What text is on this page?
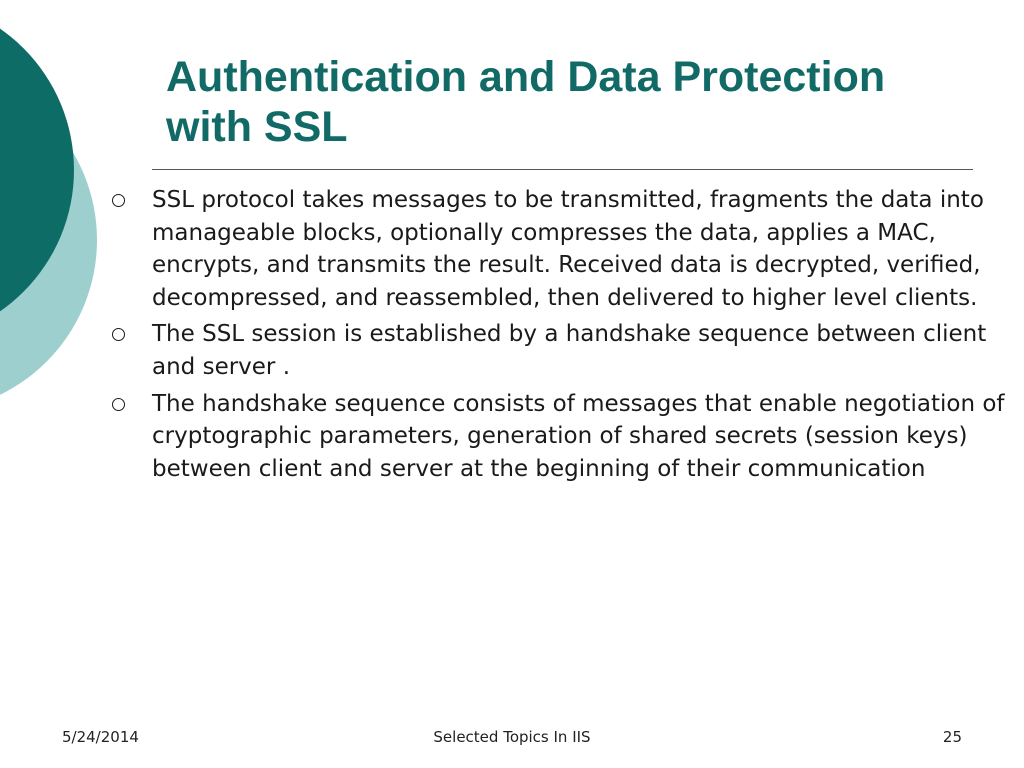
Authentication and Data Protection
with SSL
SSL protocol takes messages to be transmitted, fragments the data into manageable blocks, optionally compresses the data, applies a MAC, encrypts, and transmits the result. Received data is decrypted, verified, decompressed, and reassembled, then delivered to higher level clients.
The SSL session is established by a handshake sequence between client and server .
The handshake sequence consists of messages that enable negotiation of cryptographic parameters, generation of shared secrets (session keys) between client and server at the beginning of their communication
5/24/2014	Selected Topics In IIS	25
